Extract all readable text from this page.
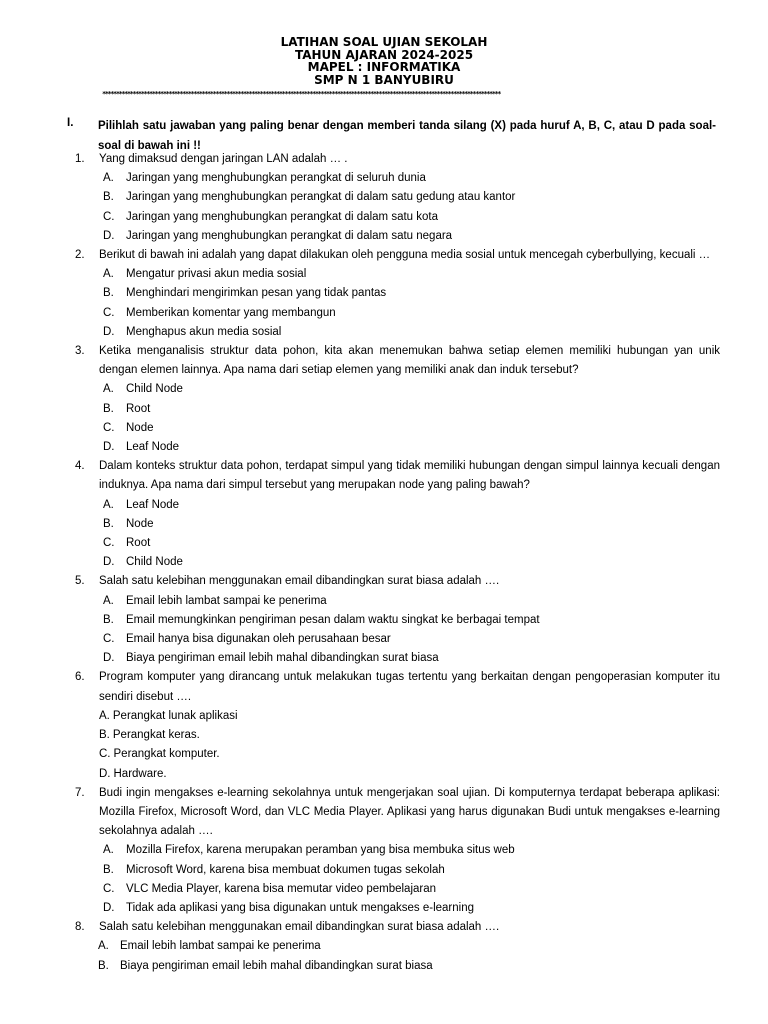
LATIHAN SOAL UJIAN SEKOLAH
TAHUN AJARAN 2024-2025
MAPEL : INFORMATIKA
SMP N 1 BANYUBIRU
************************************************************************************************************************************************
I. Pilihlah satu jawaban yang paling benar dengan memberi tanda silang (X) pada huruf A, B, C, atau D pada soal-soal di bawah ini !!
1. Yang dimaksud dengan jaringan LAN adalah … .
A. Jaringan yang menghubungkan perangkat di seluruh dunia
B. Jaringan yang menghubungkan perangkat di dalam satu gedung atau kantor
C. Jaringan yang menghubungkan perangkat di dalam satu kota
D. Jaringan yang menghubungkan perangkat di dalam satu negara
2. Berikut di bawah ini adalah yang dapat dilakukan oleh pengguna media sosial untuk mencegah cyberbullying, kecuali …
A. Mengatur privasi akun media sosial
B. Menghindari mengirimkan pesan yang tidak pantas
C. Memberikan komentar yang membangun
D. Menghapus akun media sosial
3. Ketika menganalisis struktur data pohon, kita akan menemukan bahwa setiap elemen memiliki hubungan yan unik dengan elemen lainnya. Apa nama dari setiap elemen yang memiliki anak dan induk tersebut?
A. Child Node
B. Root
C. Node
D. Leaf Node
4. Dalam konteks struktur data pohon, terdapat simpul yang tidak memiliki hubungan dengan simpul lainnya kecuali dengan induknya. Apa nama dari simpul tersebut yang merupakan node yang paling bawah?
A. Leaf Node
B. Node
C. Root
D. Child Node
5. Salah satu kelebihan menggunakan email dibandingkan surat biasa adalah ….
A. Email lebih lambat sampai ke penerima
B. Email memungkinkan pengiriman pesan dalam waktu singkat ke berbagai tempat
C. Email hanya bisa digunakan oleh perusahaan besar
D. Biaya pengiriman email lebih mahal dibandingkan surat biasa
6. Program komputer yang dirancang untuk melakukan tugas tertentu yang berkaitan dengan pengoperasian komputer itu sendiri disebut ….
A. Perangkat lunak aplikasi
B. Perangkat keras.
C. Perangkat komputer.
D. Hardware.
7. Budi ingin mengakses e-learning sekolahnya untuk mengerjakan soal ujian. Di komputernya terdapat beberapa aplikasi: Mozilla Firefox, Microsoft Word, dan VLC Media Player. Aplikasi yang harus digunakan Budi untuk mengakses e-learning sekolahnya adalah ….
A. Mozilla Firefox, karena merupakan peramban yang bisa membuka situs web
B. Microsoft Word, karena bisa membuat dokumen tugas sekolah
C. VLC Media Player, karena bisa memutar video pembelajaran
D. Tidak ada aplikasi yang bisa digunakan untuk mengakses e-learning
8. Salah satu kelebihan menggunakan email dibandingkan surat biasa adalah ….
A. Email lebih lambat sampai ke penerima
B. Biaya pengiriman email lebih mahal dibandingkan surat biasa
